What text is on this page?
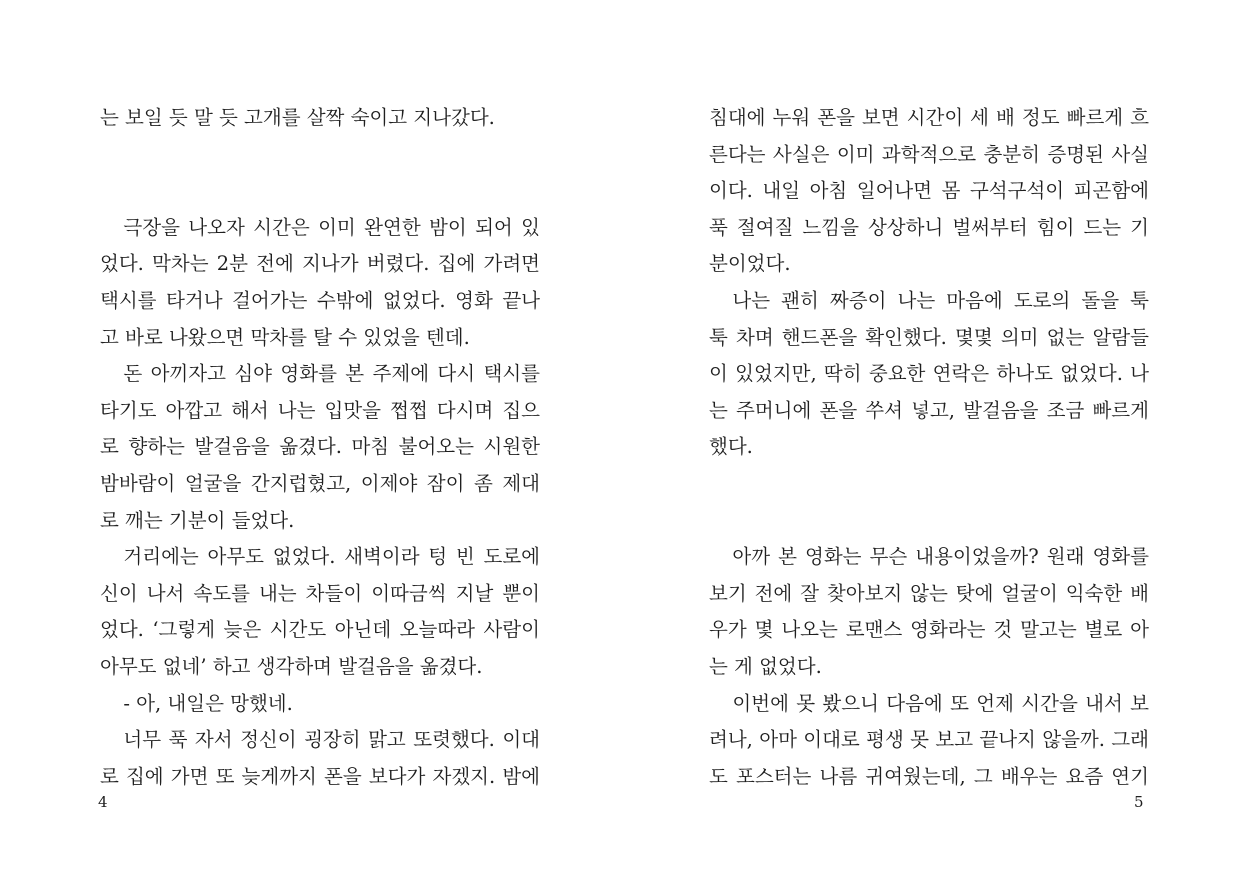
는 보일 듯 말 듯 고개를 살짝 숙이고 지나갔다.
극장을 나오자 시간은 이미 완연한 밤이 되어 있
었다. 막차는 2분 전에 지나가 버렸다. 집에 가려면
택시를 타거나 걸어가는 수밖에 없었다. 영화 끝나
고 바로 나왔으면 막차를 탈 수 있었을 텐데.
돈 아끼자고 심야 영화를 본 주제에 다시 택시를
타기도 아깝고 해서 나는 입맛을 쩝쩝 다시며 집으
로 향하는 발걸음을 옮겼다. 마침 불어오는 시원한
밤바람이 얼굴을 간지럽혔고, 이제야 잠이 좀 제대
로 깨는 기분이 들었다.
거리에는 아무도 없었다. 새벽이라 텅 빈 도로에
신이 나서 속도를 내는 차들이 이따금씩 지날 뿐이
었다. ‘그렇게 늦은 시간도 아닌데 오늘따라 사람이
아무도 없네’ 하고 생각하며 발걸음을 옮겼다.
- 아, 내일은 망했네.
너무 푹 자서 정신이 굉장히 맑고 또렷했다. 이대
로 집에 가면 또 늦게까지 폰을 보다가 자겠지. 밤에
4
침대에 누워 폰을 보면 시간이 세 배 정도 빠르게 흐
른다는 사실은 이미 과학적으로 충분히 증명된 사실
이다. 내일 아침 일어나면 몸 구석구석이 피곤함에
푹 절여질 느낌을 상상하니 벌써부터 힘이 드는 기
분이었다.
나는 괜히 짜증이 나는 마음에 도로의 돌을 툭
툭 차며 핸드폰을 확인했다. 몇몇 의미 없는 알람들
이 있었지만, 딱히 중요한 연락은 하나도 없었다. 나
는 주머니에 폰을 쑤셔 넣고, 발걸음을 조금 빠르게
했다.
아까 본 영화는 무슨 내용이었을까? 원래 영화를
보기 전에 잘 찾아보지 않는 탓에 얼굴이 익숙한 배
우가 몇 나오는 로맨스 영화라는 것 말고는 별로 아
는 게 없었다.
이번에 못 봤으니 다음에 또 언제 시간을 내서 보
려나, 아마 이대로 평생 못 보고 끝나지 않을까. 그래
도 포스터는 나름 귀여웠는데, 그 배우는 요즘 연기
5
